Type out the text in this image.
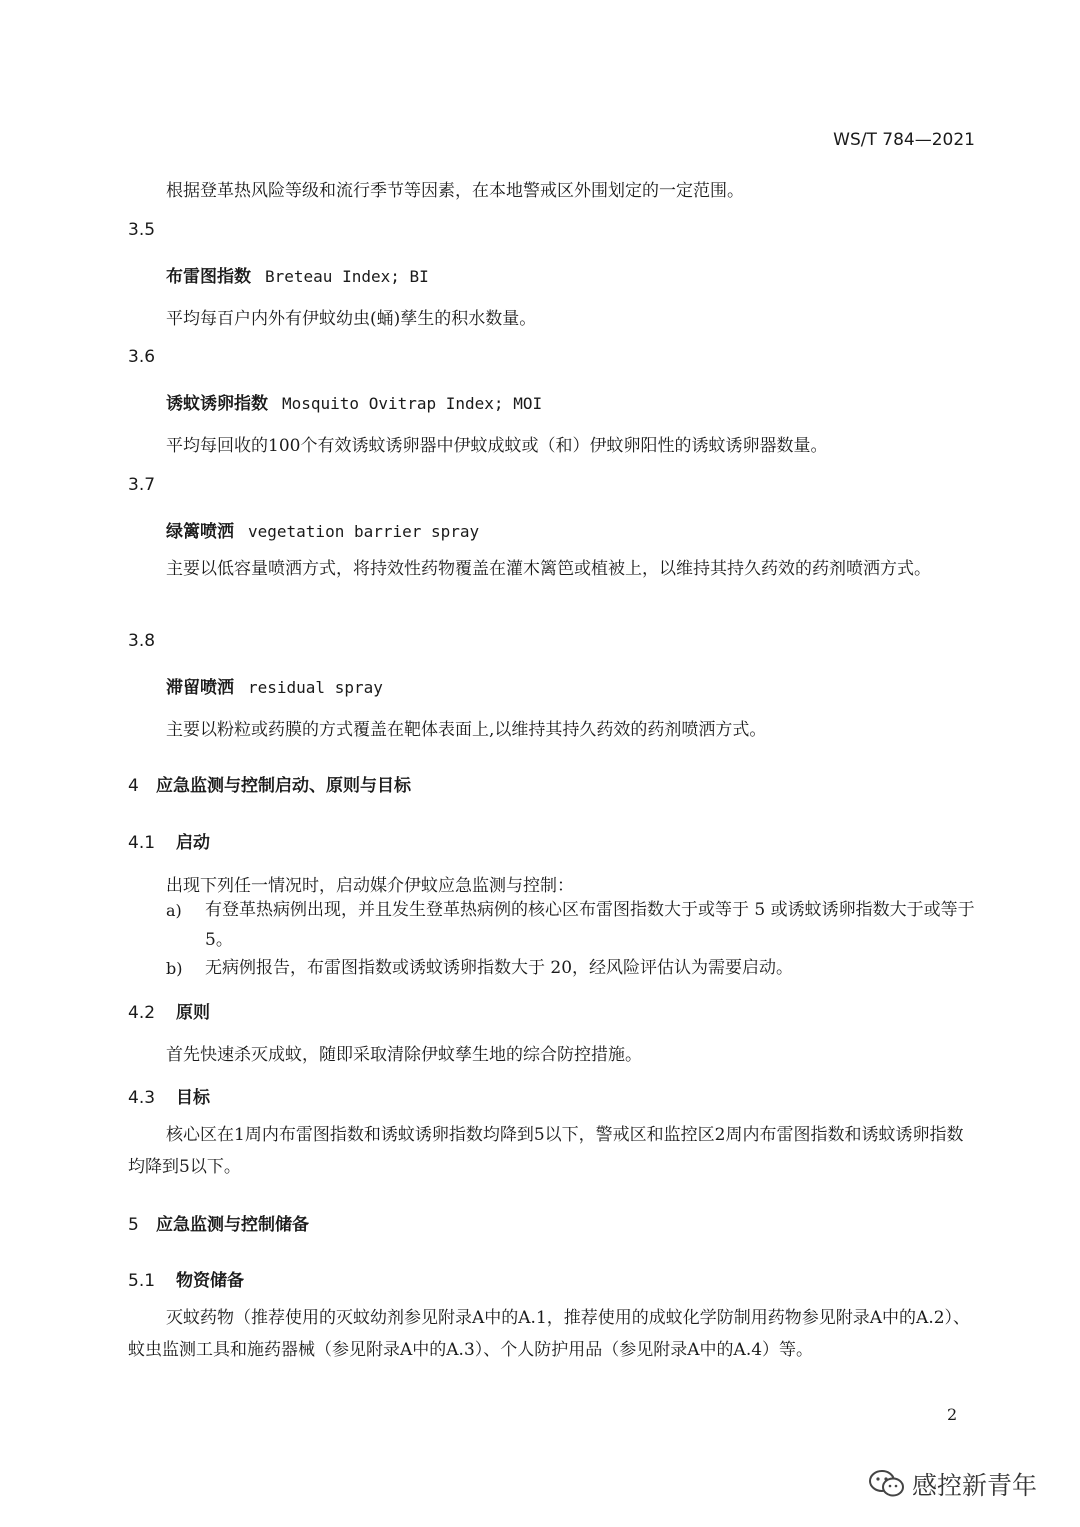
WS/T 784—2021
根据登革热风险等级和流行季节等因素，在本地警戒区外围划定的一定范围。
3.5
布雷图指数 Breteau Index; BI
平均每百户内外有伊蚊幼虫(蛹)孳生的积水数量。
3.6
诱蚊诱卵指数 Mosquito Ovitrap Index; MOI
平均每回收的100个有效诱蚊诱卵器中伊蚊成蚊或（和）伊蚊卵阳性的诱蚊诱卵器数量。
3.7
绿篱喷洒 vegetation barrier spray
主要以低容量喷洒方式，将持效性药物覆盖在灌木篱笆或植被上，以维持其持久药效的药剂喷洒方式。
3.8
滞留喷洒 residual spray
主要以粉粒或药膜的方式覆盖在靶体表面上,以维持其持久药效的药剂喷洒方式。
4 应急监测与控制启动、原则与目标
4.1 启动
出现下列任一情况时，启动媒介伊蚊应急监测与控制：
a) 有登革热病例出现，并且发生登革热病例的核心区布雷图指数大于或等于 5 或诱蚊诱卵指数大于或等于 5。
b) 无病例报告，布雷图指数或诱蚊诱卵指数大于 20，经风险评估认为需要启动。
4.2 原则
首先快速杀灭成蚊，随即采取清除伊蚊孳生地的综合防控措施。
4.3 目标
核心区在1周内布雷图指数和诱蚊诱卵指数均降到5以下，警戒区和监控区2周内布雷图指数和诱蚊诱卵指数均降到5以下。
5 应急监测与控制储备
5.1 物资储备
灭蚊药物（推荐使用的灭蚊幼剂参见附录A中的A.1，推荐使用的成蚊化学防制用药物参见附录A中的A.2）、蚊虫监测工具和施药器械（参见附录A中的A.3）、个人防护用品（参见附录A中的A.4）等。
2
感控新青年
